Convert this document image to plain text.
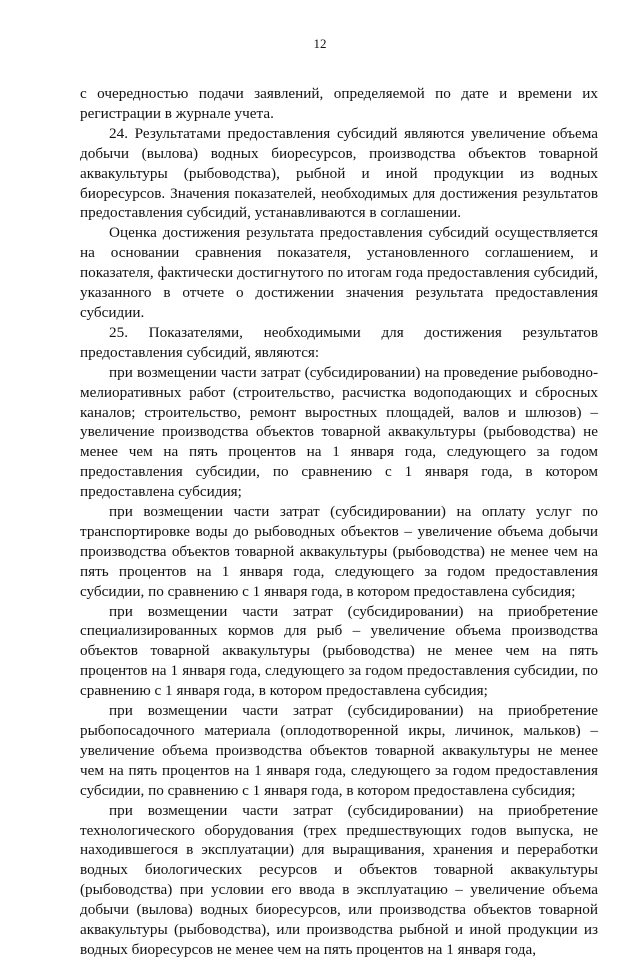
12

с очередностью подачи заявлений, определяемой по дате и времени их регистрации в журнале учета.

24. Результатами предоставления субсидий являются увеличение объема добычи (вылова) водных биоресурсов, производства объектов товарной аквакультуры (рыбоводства), рыбной и иной продукции из водных биоресурсов. Значения показателей, необходимых для достижения результатов предоставления субсидий, устанавливаются в соглашении.

Оценка достижения результата предоставления субсидий осуществляется на основании сравнения показателя, установленного соглашением, и показателя, фактически достигнутого по итогам года предоставления субсидий, указанного в отчете о достижении значения результата предоставления субсидии.

25. Показателями, необходимыми для достижения результатов предоставления субсидий, являются:

при возмещении части затрат (субсидировании) на проведение рыбоводно-мелиоративных работ (строительство, расчистка водоподающих и сбросных каналов; строительство, ремонт выростных площадей, валов и шлюзов) – увеличение производства объектов товарной аквакультуры (рыбоводства) не менее чем на пять процентов на 1 января года, следующего за годом предоставления субсидии, по сравнению с 1 января года, в котором предоставлена субсидия;

при возмещении части затрат (субсидировании) на оплату услуг по транспортировке воды до рыбоводных объектов – увеличение объема добычи производства объектов товарной аквакультуры (рыбоводства) не менее чем на пять процентов на 1 января года, следующего за годом предоставления субсидии, по сравнению с 1 января года, в котором предоставлена субсидия;

при возмещении части затрат (субсидировании) на приобретение специализированных кормов для рыб – увеличение объема производства объектов товарной аквакультуры (рыбоводства) не менее чем на пять процентов на 1 января года, следующего за годом предоставления субсидии, по сравнению с 1 января года, в котором предоставлена субсидия;

при возмещении части затрат (субсидировании) на приобретение рыбопосадочного материала (оплодотворенной икры, личинок, мальков) – увеличение объема производства объектов товарной аквакультуры не менее чем на пять процентов на 1 января года, следующего за годом предоставления субсидии, по сравнению с 1 января года, в котором предоставлена субсидия;

при возмещении части затрат (субсидировании) на приобретение технологического оборудования (трех предшествующих годов выпуска, не находившегося в эксплуатации) для выращивания, хранения и переработки водных биологических ресурсов и объектов товарной аквакультуры (рыбоводства) при условии его ввода в эксплуатацию – увеличение объема добычи (вылова) водных биоресурсов, или производства объектов товарной аквакультуры (рыбоводства), или производства рыбной и иной продукции из водных биоресурсов не менее чем на пять процентов на 1 января года,
